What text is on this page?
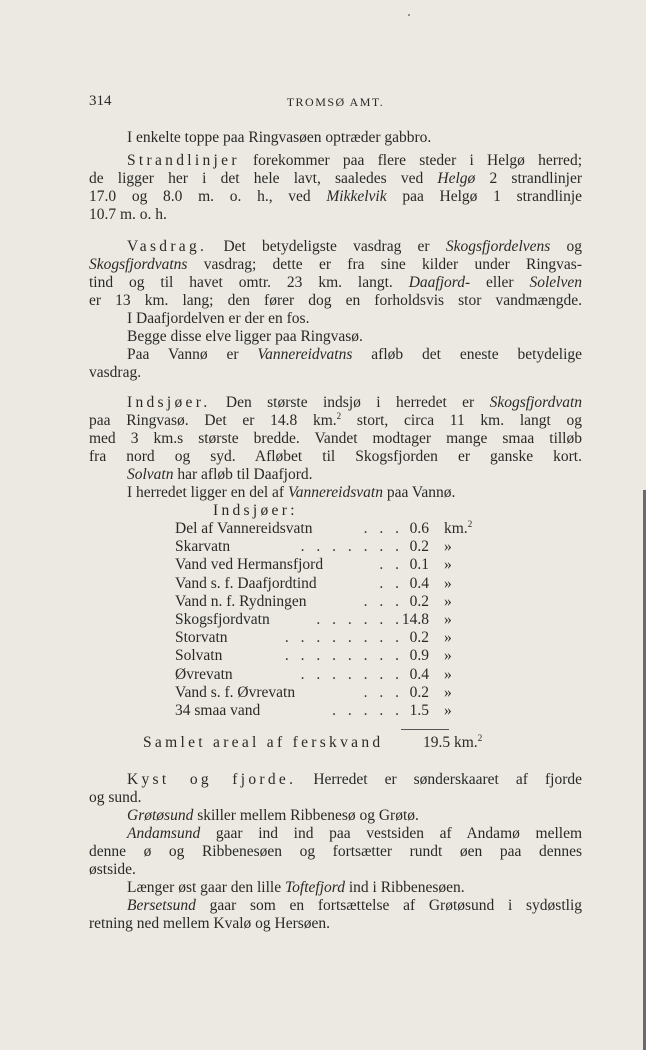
314	TROMSØ AMT.
I enkelte toppe paa Ringvasøen optræder gabbro.
Strandlinjer forekommer paa flere steder i Helgø herred;
de ligger her i det hele lavt, saaledes ved Helgø 2 strandlinjer
17.0 og 8.0 m. o. h., ved Mikkelvik paa Helgø 1 strandlinje
10.7 m. o. h.
Vasdrag. Det betydeligste vasdrag er Skogsfjordelvens og
Skogsfjordvatns vasdrag; dette er fra sine kilder under Ringvas-
tind og til havet omtr. 23 km. langt. Daafjord- eller Solelven
er 13 km. lang; den fører dog en forholdsvis stor vandmængde.
I Daafjordelven er der en fos.
Begge disse elve ligger paa Ringvasø.
Paa Vannø er Vannereidvatns afløb det eneste betydelige
vasdrag.
Indsjøer. Den største indsjø i herredet er Skogsfjordvatn
paa Ringvasø. Det er 14.8 km.$^2$ stort, circa 11 km. langt og
med 3 km.s største bredde. Vandet modtager mange smaa tilløb
fra nord og syd. Afløbet til Skogsfjorden er ganske kort.
Solvatn har afløb til Daafjord.
I herredet ligger en del af Vannereidsvatn paa Vannø.
Indsjøer:
. . .
Del af Vannereidsvatn	0.6 km.$^2$
. . . . . . .
Skarvatn	0.2 »
. .
Vand ved Hermansfjord	0.1 »
. .
Vand s. f. Daafjordtind	0.4 »
. . .
Vand n. f. Rydningen	0.2 »
. . . . . .
Skogsfjordvatn	14.8 »
. . . . . . . .
Storvatn	0.2 »
. . . . . . . .
Solvatn	0.9 »
. . . . . . .
Øvrevatn	0.4 »
. . .
Vand s. f. Øvrevatn	0.2 »
. . . . .
34 smaa vand	1.5 »
Samlet areal af ferskvand	19.5 km.$^2$
Kyst og fjorde. Herredet er sønderskaaret af fjorde
og sund.
Grøtøsund skiller mellem Ribbenesø og Grøtø.
Andamsund gaar ind ind paa vestsiden af Andamø mellem
denne ø og Ribbenesøen og fortsætter rundt øen paa dennes
østside.
Længer øst gaar den lille Toftefjord ind i Ribbenesøen.
Bersetsund gaar som en fortsættelse af Grøtøsund i sydøstlig
retning ned mellem Kvalø og Hersøen.
